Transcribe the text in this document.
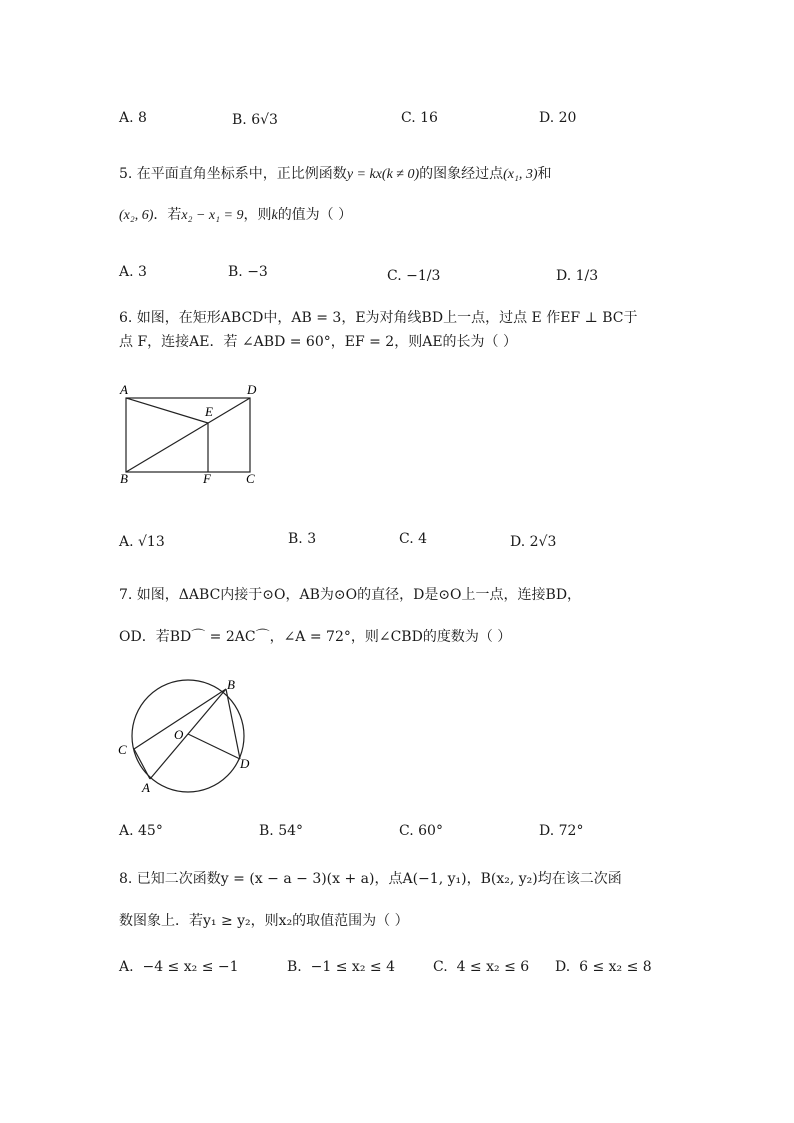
A. 8	B. 6√3	C. 16	D. 20
5. 在平面直角坐标系中，正比例函数y = kx(k ≠ 0)的图象经过点(x₁, 3)和
(x₂, 6)．若x₂ − x₁ = 9，则k的值为（ ）
A. 3	B. −3	C. −1/3	D. 1/3
6. 如图，在矩形ABCD中，AB = 3，E为对角线BD上一点，过点 E 作EF ⊥ BC于
点 F，连接AE．若 ∠ABD = 60°，EF = 2，则AE的长为（ ）
A	D
E
B	F	C
A. √13	B. 3	C. 4	D. 2√3
7. 如图，ΔABC内接于⊙O，AB为⊙O的直径，D是⊙O上一点，连接BD，
OD．若BD⌒ = 2AC⌒，∠A = 72°，则∠CBD的度数为（ ）
B
O
C
D
A
A. 45°	B. 54°	C. 60°	D. 72°
8. 已知二次函数y = (x − a − 3)(x + a)，点A(−1, y₁)，B(x₂, y₂)均在该二次函
数图象上．若y₁ ≥ y₂，则x₂的取值范围为（ ）
A. −4 ≤ x₂ ≤ −1	B. −1 ≤ x₂ ≤ 4	C. 4 ≤ x₂ ≤ 6 D. 6 ≤ x₂ ≤ 8
